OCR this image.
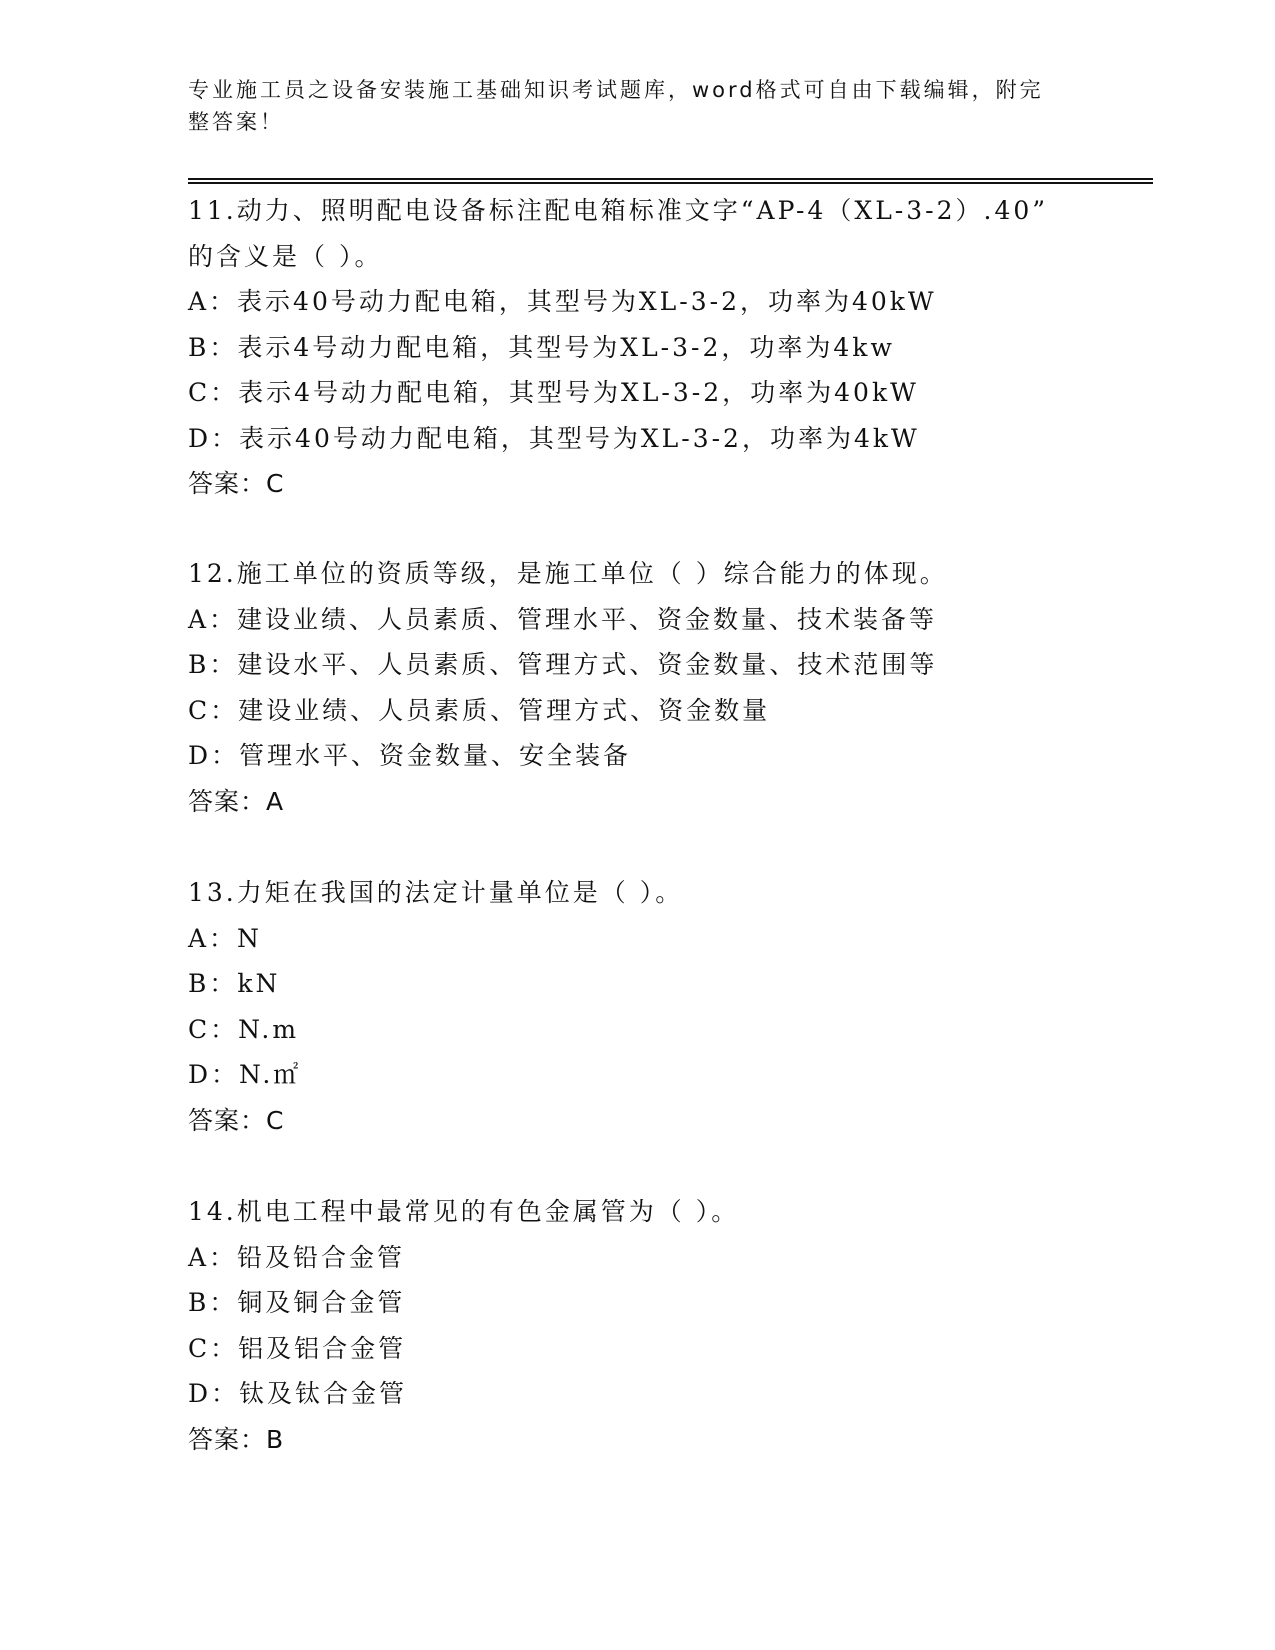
专业施工员之设备安装施工基础知识考试题库，word格式可自由下载编辑，附完
整答案！
11.动力、照明配电设备标注配电箱标准文字“AP-4（XL-3-2）.40”
的含义是（ ）。
A：表示40号动力配电箱，其型号为XL-3-2，功率为40kW
B：表示4号动力配电箱，其型号为XL-3-2，功率为4kw
C：表示4号动力配电箱，其型号为XL-3-2，功率为40kW
D：表示40号动力配电箱，其型号为XL-3-2，功率为4kW
答案：C
12.施工单位的资质等级，是施工单位（ ）综合能力的体现。
A：建设业绩、人员素质、管理水平、资金数量、技术装备等
B：建设水平、人员素质、管理方式、资金数量、技术范围等
C：建设业绩、人员素质、管理方式、资金数量
D：管理水平、资金数量、安全装备
答案：A
13.力矩在我国的法定计量单位是（ ）。
A：N
B：kN
C：N.m
D：N.㎡
答案：C
14.机电工程中最常见的有色金属管为（ ）。
A：铅及铅合金管
B：铜及铜合金管
C：铝及铝合金管
D：钛及钛合金管
答案：B
